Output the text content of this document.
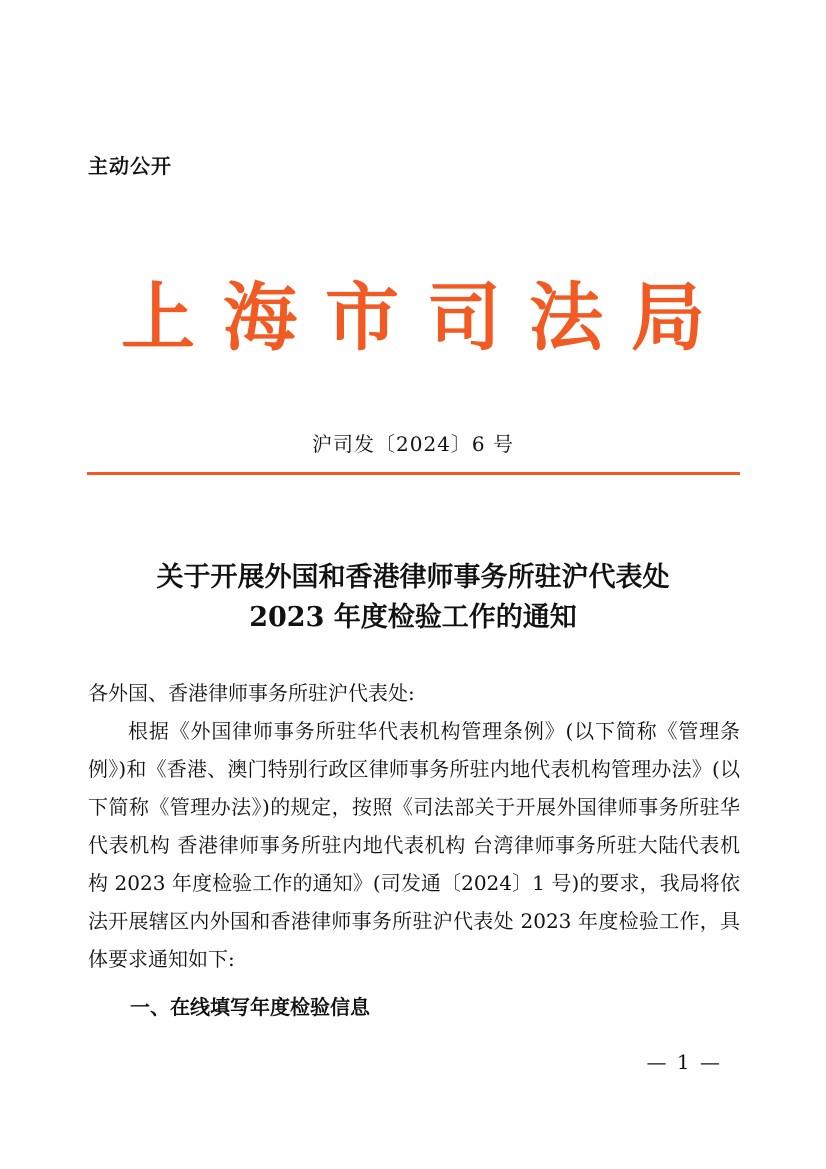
主动公开
上海市司法局
沪司发〔2024〕6 号
关于开展外国和香港律师事务所驻沪代表处
2023 年度检验工作的通知

各外国、香港律师事务所驻沪代表处:

根据《外国律师事务所驻华代表机构管理条例》(以下简称《管理条例》)和《香港、澳门特别行政区律师事务所驻内地代表机构管理办法》(以下简称《管理办法》)的规定，按照《司法部关于开展外国律师事务所驻华代表机构 香港律师事务所驻内地代表机构 台湾律师事务所驻大陆代表机构 2023 年度检验工作的通知》(司发通〔2024〕1 号)的要求，我局将依法开展辖区内外国和香港律师事务所驻沪代表处 2023 年度检验工作，具体要求通知如下:

一、在线填写年度检验信息
— 1 —
